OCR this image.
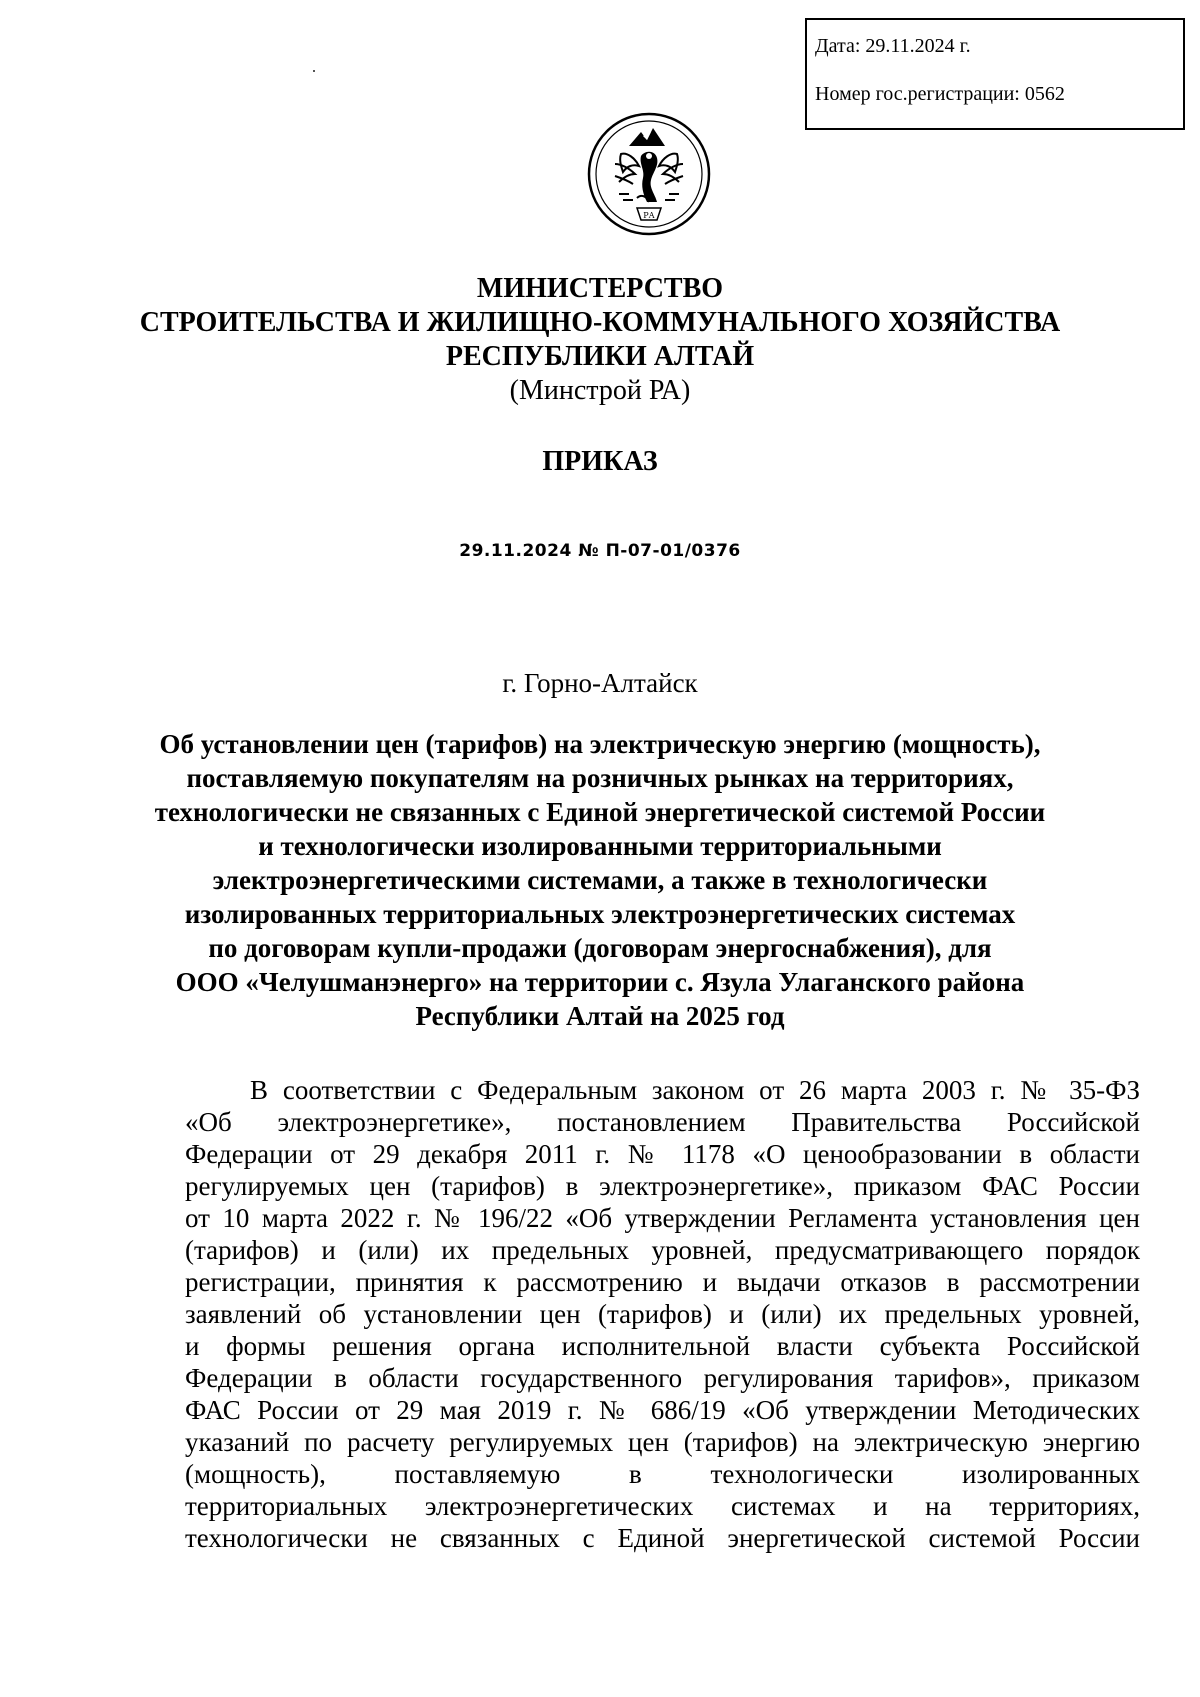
Дата: 29.11.2024 г.
Номер гос.регистрации: 0562
РА
МИНИСТЕРСТВО
СТРОИТЕЛЬСТВА И ЖИЛИЩНО-КОММУНАЛЬНОГО ХОЗЯЙСТВА
РЕСПУБЛИКИ АЛТАЙ
(Минстрой РА)
ПРИКАЗ
29.11.2024 № П-07-01/0376
г. Горно-Алтайск
Об установлении цен (тарифов) на электрическую энергию (мощность),
поставляемую покупателям на розничных рынках на территориях,
технологически не связанных с Единой энергетической системой России
и технологически изолированными территориальными
электроэнергетическими системами, а также в технологически
изолированных территориальных электроэнергетических системах
по договорам купли-продажи (договорам энергоснабжения), для
ООО «Челушманэнерго» на территории с. Язула Улаганского района
Республики Алтай на 2025 год
В соответствии с Федеральным законом от 26 марта 2003 г. № 35-ФЗ
«Об электроэнергетике», постановлением Правительства Российской
Федерации от 29 декабря 2011 г. № 1178 «О ценообразовании в области
регулируемых цен (тарифов) в электроэнергетике», приказом ФАС России
от 10 марта 2022 г. № 196/22 «Об утверждении Регламента установления цен
(тарифов) и (или) их предельных уровней, предусматривающего порядок
регистрации, принятия к рассмотрению и выдачи отказов в рассмотрении
заявлений об установлении цен (тарифов) и (или) их предельных уровней,
и формы решения органа исполнительной власти субъекта Российской
Федерации в области государственного регулирования тарифов», приказом
ФАС России от 29 мая 2019 г. № 686/19 «Об утверждении Методических
указаний по расчету регулируемых цен (тарифов) на электрическую энергию
(мощность), поставляемую в технологически изолированных
территориальных электроэнергетических системах и на территориях,
технологически не связанных с Единой энергетической системой России
